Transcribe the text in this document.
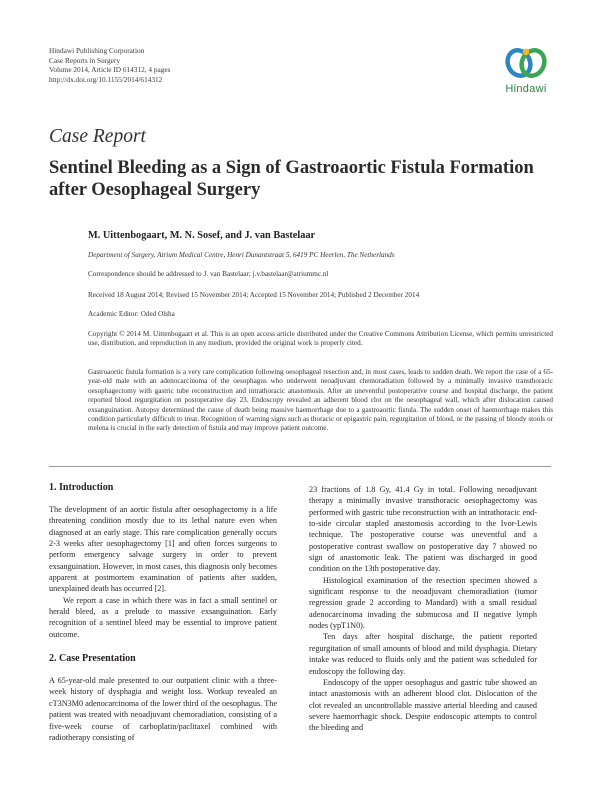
Hindawi Publishing Corporation
Case Reports in Surgery
Volume 2014, Article ID 614312, 4 pages
http://dx.doi.org/10.1155/2014/614312
Hindawi
Case Report
Sentinel Bleeding as a Sign of Gastroaortic Fistula Formation after Oesophageal Surgery
M. Uittenbogaart, M. N. Sosef, and J. van Bastelaar
Department of Surgery, Atrium Medical Centre, Henri Dunantstraat 5, 6419 PC Heerlen, The Netherlands
Correspondence should be addressed to J. van Bastelaar; j.v.bastelaar@atriummc.nl
Received 18 August 2014; Revised 15 November 2014; Accepted 15 November 2014; Published 2 December 2014
Academic Editor: Oded Olsha
Copyright © 2014 M. Uittenbogaart et al. This is an open access article distributed under the Creative Commons Attribution License, which permits unrestricted use, distribution, and reproduction in any medium, provided the original work is properly cited.
Gastroaortic fistula formation is a very rare complication following oesophageal resection and, in most cases, leads to sudden death. We report the case of a 65-year-old male with an adenocarcinoma of the oesophagus who underwent neoadjuvant chemoradiation followed by a minimally invasive transthoracic oesophagectomy with gastric tube reconstruction and intrathoracic anastomosis. After an uneventful postoperative course and hospital discharge, the patient reported blood regurgitation on postoperative day 23. Endoscopy revealed an adherent blood clot on the oesophageal wall, which after dislocation caused exsanguination. Autopsy determined the cause of death being massive haemorrhage due to a gastroaortic fistula. The sudden onset of haemorrhage makes this condition particularly difficult to treat. Recognition of warning signs such as thoracic or epigastric pain, regurgitation of blood, or the passing of bloody stools or melena is crucial in the early detection of fistula and may improve patient outcome.
1. Introduction

The development of an aortic fistula after oesophagectomy is a life threatening condition mostly due to its lethal nature even when diagnosed at an early stage. This rare complication generally occurs 2-3 weeks after oesophagectomy [1] and often forces surgeons to perform emergency salvage surgery in order to prevent exsanguination. However, in most cases, this diagnosis only becomes apparent at postmortem examination of patients after sudden, unexplained death has occurred [2].

We report a case in which there was in fact a small sentinel or herald bleed, as a prelude to massive exsanguination. Early recognition of a sentinel bleed may be essential to improve patient outcome.

2. Case Presentation

A 65-year-old male presented to our outpatient clinic with a three-week history of dysphagia and weight loss. Workup revealed an cT3N3M0 adenocarcinoma of the lower third of the oesophagus. The patient was treated with neoadjuvant chemoradiation, consisting of a five-week course of carboplatin/paclitaxel combined with radiotherapy consisting of

23 fractions of 1.8 Gy, 41.4 Gy in total. Following neoadjuvant therapy a minimally invasive transthoracic oesophagectomy was performed with gastric tube reconstruction with an intrathoracic end-to-side circular stapled anastomosis according to the Ivor-Lewis technique. The postoperative course was uneventful and a postoperative contrast swallow on postoperative day 7 showed no sign of anastomotic leak. The patient was discharged in good condition on the 13th postoperative day.

Histological examination of the resection specimen showed a significant response to the neoadjuvant chemoradiation (tumor regression grade 2 according to Mandard) with a small residual adenocarcinoma invading the submucosa and II negative lymph nodes (ypT1N0).

Ten days after hospital discharge, the patient reported regurgitation of small amounts of blood and mild dysphagia. Dietary intake was reduced to fluids only and the patient was scheduled for endoscopy the following day.

Endoscopy of the upper oesophagus and gastric tube showed an intact anastomosis with an adherent blood clot. Dislocation of the clot revealed an uncontrollable massive arterial bleeding and caused severe haemorrhagic shock. Despite endoscopic attempts to control the bleeding and
